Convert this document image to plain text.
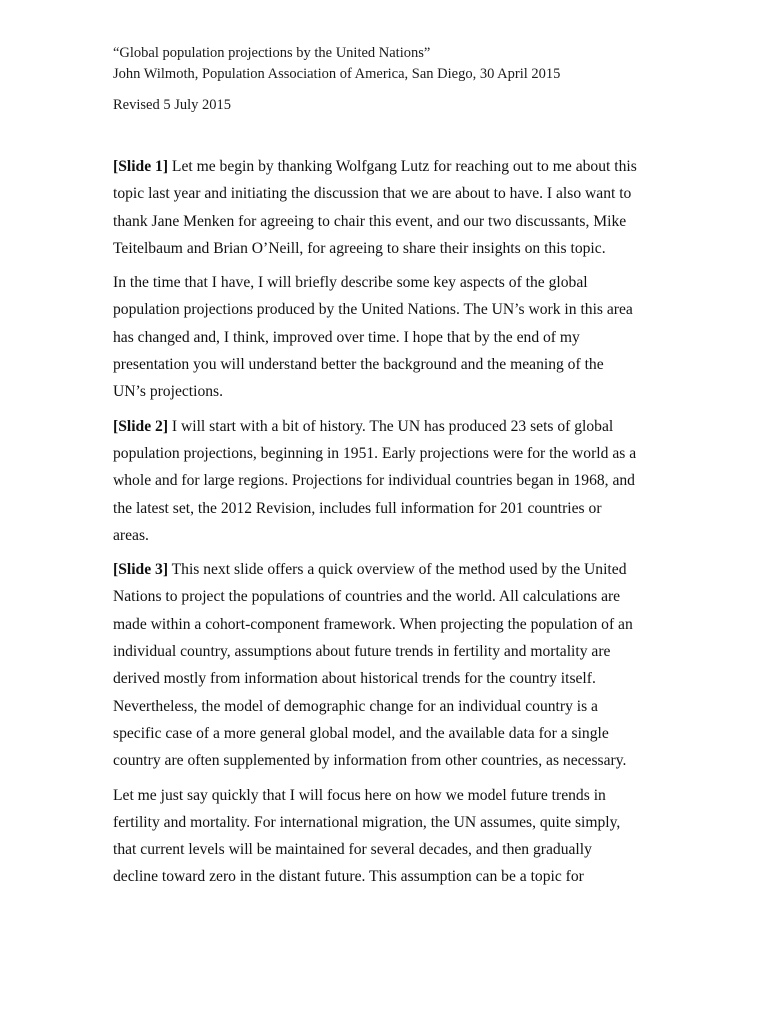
“Global population projections by the United Nations”
John Wilmoth, Population Association of America, San Diego, 30 April 2015
Revised 5 July 2015

[Slide 1] Let me begin by thanking Wolfgang Lutz for reaching out to me about this
topic last year and initiating the discussion that we are about to have. I also want to
thank Jane Menken for agreeing to chair this event, and our two discussants, Mike
Teitelbaum and Brian O’Neill, for agreeing to share their insights on this topic.

In the time that I have, I will briefly describe some key aspects of the global
population projections produced by the United Nations. The UN’s work in this area
has changed and, I think, improved over time. I hope that by the end of my
presentation you will understand better the background and the meaning of the
UN’s projections.

[Slide 2] I will start with a bit of history. The UN has produced 23 sets of global
population projections, beginning in 1951. Early projections were for the world as a
whole and for large regions. Projections for individual countries began in 1968, and
the latest set, the 2012 Revision, includes full information for 201 countries or
areas.

[Slide 3] This next slide offers a quick overview of the method used by the United
Nations to project the populations of countries and the world. All calculations are
made within a cohort-component framework. When projecting the population of an
individual country, assumptions about future trends in fertility and mortality are
derived mostly from information about historical trends for the country itself.
Nevertheless, the model of demographic change for an individual country is a
specific case of a more general global model, and the available data for a single
country are often supplemented by information from other countries, as necessary.

Let me just say quickly that I will focus here on how we model future trends in
fertility and mortality. For international migration, the UN assumes, quite simply,
that current levels will be maintained for several decades, and then gradually
decline toward zero in the distant future. This assumption can be a topic for
